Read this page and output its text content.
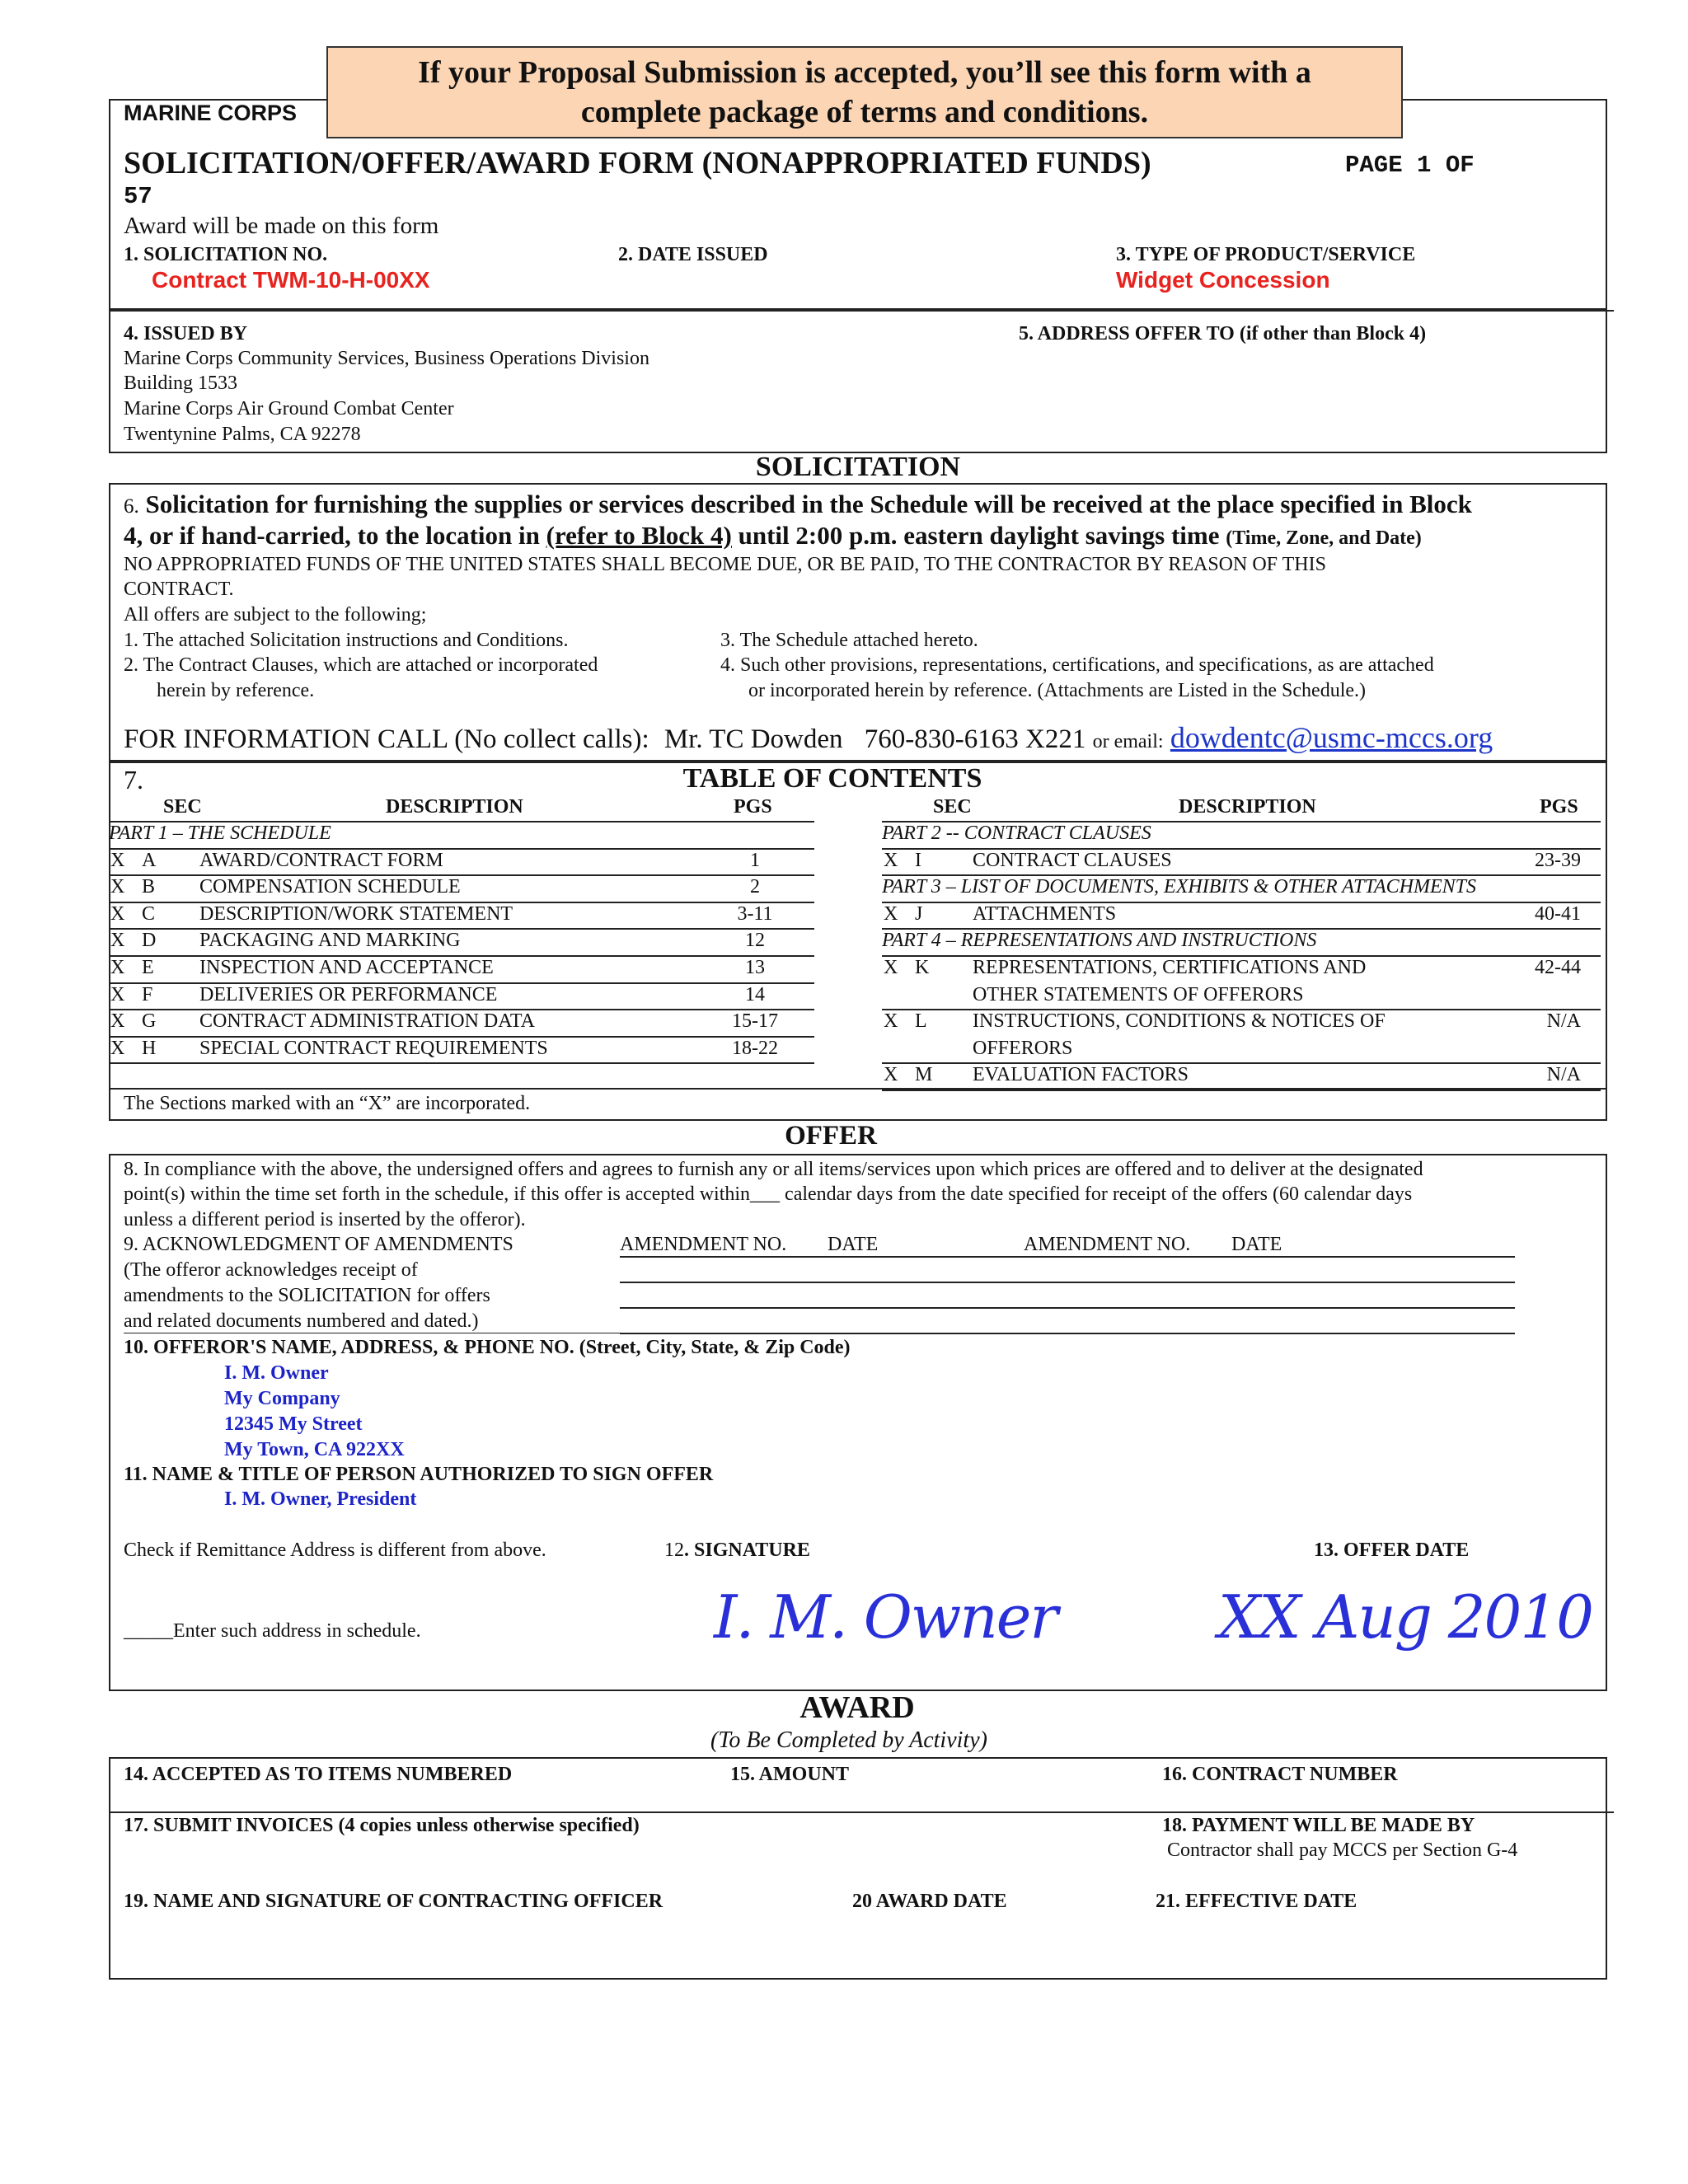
MARINE CORPS
If your Proposal Submission is accepted, you’ll see this form with a
complete package of terms and conditions.
SOLICITATION/OFFER/AWARD FORM (NONAPPROPRIATED FUNDS)	PAGE 1 OF
57
Award will be made on this form
1. SOLICITATION NO.
Contract TWM-10-H-00XX
2. DATE ISSUED	3. TYPE OF PRODUCT/SERVICE
Widget Concession
4. ISSUED BY
Marine Corps Community Services, Business Operations Division
Building 1533
Marine Corps Air Ground Combat Center
Twentynine Palms, CA 92278
5. ADDRESS OFFER TO (if other than Block 4)
SOLICITATION
6. Solicitation for furnishing the supplies or services described in the Schedule will be received at the place specified in Block
4, or if hand-carried, to the location in (refer to Block 4) until 2:00 p.m. eastern daylight savings time (Time, Zone, and Date)
NO APPROPRIATED FUNDS OF THE UNITED STATES SHALL BECOME DUE, OR BE PAID, TO THE CONTRACTOR BY REASON OF THIS
CONTRACT.
All offers are subject to the following;
1. The attached Solicitation instructions and Conditions.
2. The Contract Clauses, which are attached or incorporated
herein by reference.
3. The Schedule attached hereto.
4. Such other provisions, representations, certifications, and specifications, as are attached
or incorporated herein by reference. (Attachments are Listed in the Schedule.)
FOR INFORMATION CALL (No collect calls): Mr. TC Dowden 760-830-6163 X221 or email: dowdentc@usmc-mccs.org
7.	TABLE OF CONTENTS
SEC	DESCRIPTION	PGS	SEC	DESCRIPTION	PGS
PART 1 – THE SCHEDULE
X A AWARD/CONTRACT FORM	1
X B COMPENSATION SCHEDULE	2
X C DESCRIPTION/WORK STATEMENT	3-11
X D PACKAGING AND MARKING	12
X E INSPECTION AND ACCEPTANCE	13
X F DELIVERIES OR PERFORMANCE	14
X G CONTRACT ADMINISTRATION DATA	15-17
X H SPECIAL CONTRACT REQUIREMENTS	18-22
PART 2 -- CONTRACT CLAUSES
X I	CONTRACT CLAUSES	23-39
PART 3 – LIST OF DOCUMENTS, EXHIBITS & OTHER ATTACHMENTS
X J	ATTACHMENTS	40-41
PART 4 – REPRESENTATIONS AND INSTRUCTIONS
X K REPRESENTATIONS, CERTIFICATIONS AND	42-44
OTHER STATEMENTS OF OFFERORS
X L INSTRUCTIONS, CONDITIONS & NOTICES OF	N/A
OFFERORS
X M EVALUATION FACTORS	N/A
The Sections marked with an “X” are incorporated.
OFFER
8. In compliance with the above, the undersigned offers and agrees to furnish any or all items/services upon which prices are offered and to deliver at the designated
point(s) within the time set forth in the schedule, if this offer is accepted within___ calendar days from the date specified for receipt of the offers (60 calendar days
unless a different period is inserted by the offeror).
9. ACKNOWLEDGMENT OF AMENDMENTS
(The offeror acknowledges receipt of
amendments to the SOLICITATION for offers
and related documents numbered and dated.)
AMENDMENT NO. DATE	AMENDMENT NO. DATE
10. OFFEROR'S NAME, ADDRESS, & PHONE NO. (Street, City, State, & Zip Code)
I. M. Owner
My Company
12345 My Street
My Town, CA 922XX
11. NAME & TITLE OF PERSON AUTHORIZED TO SIGN OFFER
I. M. Owner, President
Check if Remittance Address is different from above.
_____Enter such address in schedule.
12. SIGNATURE
I. M. Owner
13. OFFER DATE
XX Aug 2010
AWARD
(To Be Completed by Activity)
14. ACCEPTED AS TO ITEMS NUMBERED	15. AMOUNT	16. CONTRACT NUMBER
17. SUBMIT INVOICES (4 copies unless otherwise specified)	18. PAYMENT WILL BE MADE BY
Contractor shall pay MCCS per Section G-4
19. NAME AND SIGNATURE OF CONTRACTING OFFICER	20 AWARD DATE	21. EFFECTIVE DATE
